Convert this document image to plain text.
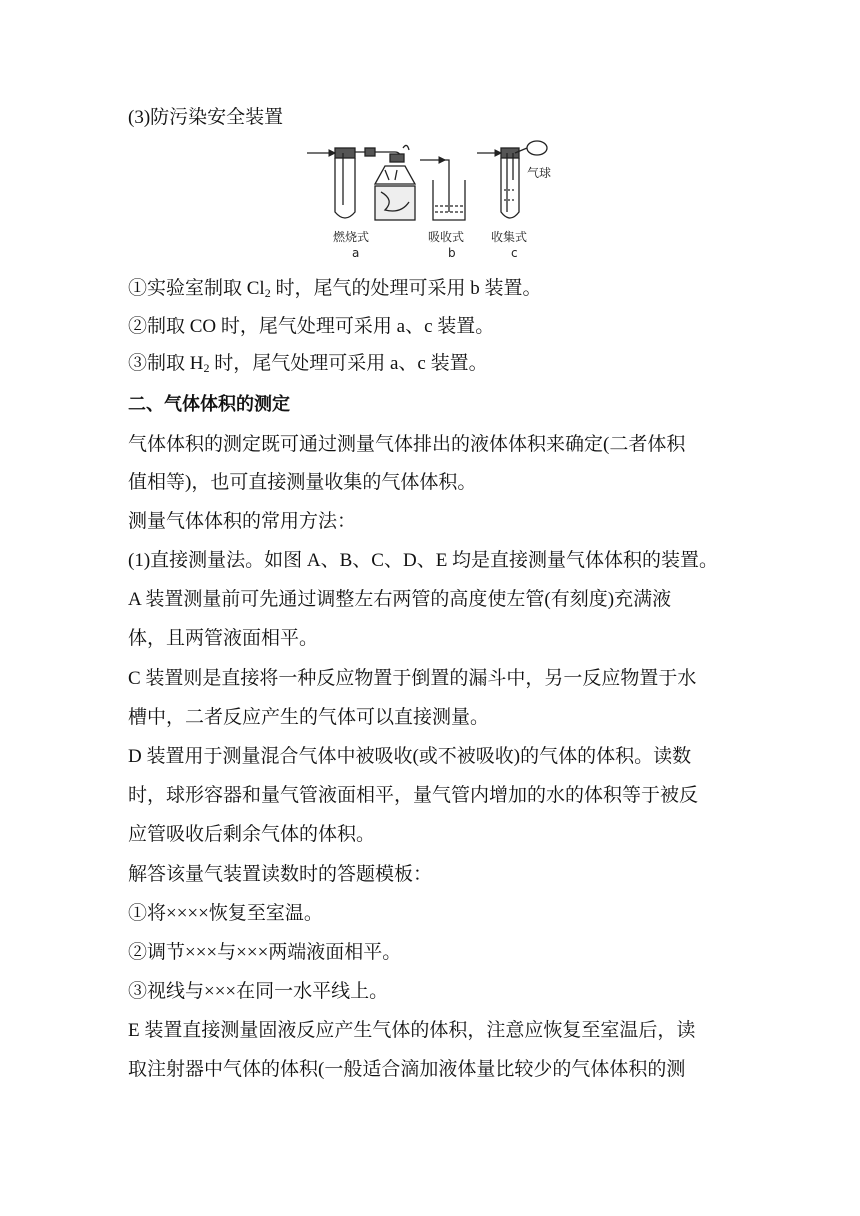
(3)防污染安全装置
气球
燃烧式	吸收式 收集式
a	b	c
①实验室制取 $Cl_2$ 时，尾气的处理可采用 b 装置。
②制取 CO 时，尾气处理可采用 a、c 装置。
③制取 $H_2$ 时，尾气处理可采用 a、c 装置。
二、气体体积的测定
气体体积的测定既可通过测量气体排出的液体体积来确定(二者体积
值相等)，也可直接测量收集的气体体积。
测量气体体积的常用方法：
(1)直接测量法。如图 A、B、C、D、E 均是直接测量气体体积的装置。
A 装置测量前可先通过调整左右两管的高度使左管(有刻度)充满液
体，且两管液面相平。
C 装置则是直接将一种反应物置于倒置的漏斗中，另一反应物置于水
槽中，二者反应产生的气体可以直接测量。
D 装置用于测量混合气体中被吸收(或不被吸收)的气体的体积。读数
时，球形容器和量气管液面相平，量气管内增加的水的体积等于被反
应管吸收后剩余气体的体积。
解答该量气装置读数时的答题模板：
①将××××恢复至室温。
②调节×××与×××两端液面相平。
③视线与×××在同一水平线上。
E 装置直接测量固液反应产生气体的体积，注意应恢复至室温后，读
取注射器中气体的体积(一般适合滴加液体量比较少的气体体积的测
